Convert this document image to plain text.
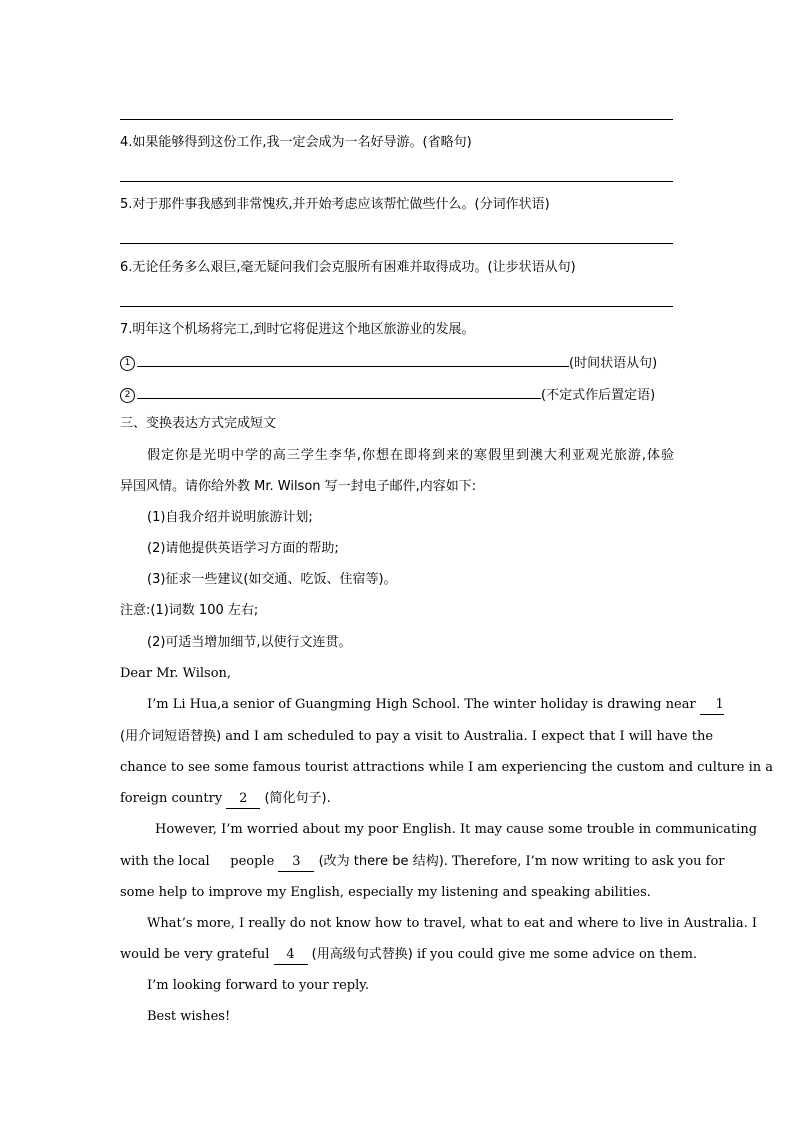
4.如果能够得到这份工作,我一定会成为一名好导游。(省略句)
5.对于那件事我感到非常愧疚,并开始考虑应该帮忙做些什么。(分词作状语)
6.无论任务多么艰巨,毫无疑问我们会克服所有困难并取得成功。(让步状语从句)
7.明年这个机场将完工,到时它将促进这个地区旅游业的发展。
1	(时间状语从句)
2	(不定式作后置定语)
三、变换表达方式完成短文
假定你是光明中学的高三学生李华,你想在即将到来的寒假里到澳大利亚观光旅游,体验
异国风情。请你给外教 Mr. Wilson 写一封电子邮件,内容如下:
(1)自我介绍并说明旅游计划;
(2)请他提供英语学习方面的帮助;
(3)征求一些建议(如交通、吃饭、住宿等)。
注意:(1)词数 100 左右;
(2)可适当增加细节,以使行文连贯。
Dear Mr. Wilson,
I’m Li Hua,a senior of Guangming High School. The winter holiday is drawing near 1
(用介词短语替换) and I am scheduled to pay a visit to Australia. I expect that I will have the
chance to see some famous tourist attractions while I am experiencing the custom and culture in a
foreign country 2 (简化句子).
However, I’m worried about my poor English. It may cause some trouble in communicating
with the local     people 3 (改为 there be 结构). Therefore, I’m now writing to ask you for
some help to improve my English, especially my listening and speaking abilities.
What’s more, I really do not know how to travel, what to eat and where to live in Australia. I
would be very grateful 4 (用高级句式替换) if you could give me some advice on them.
I’m looking forward to your reply.
Best wishes!
